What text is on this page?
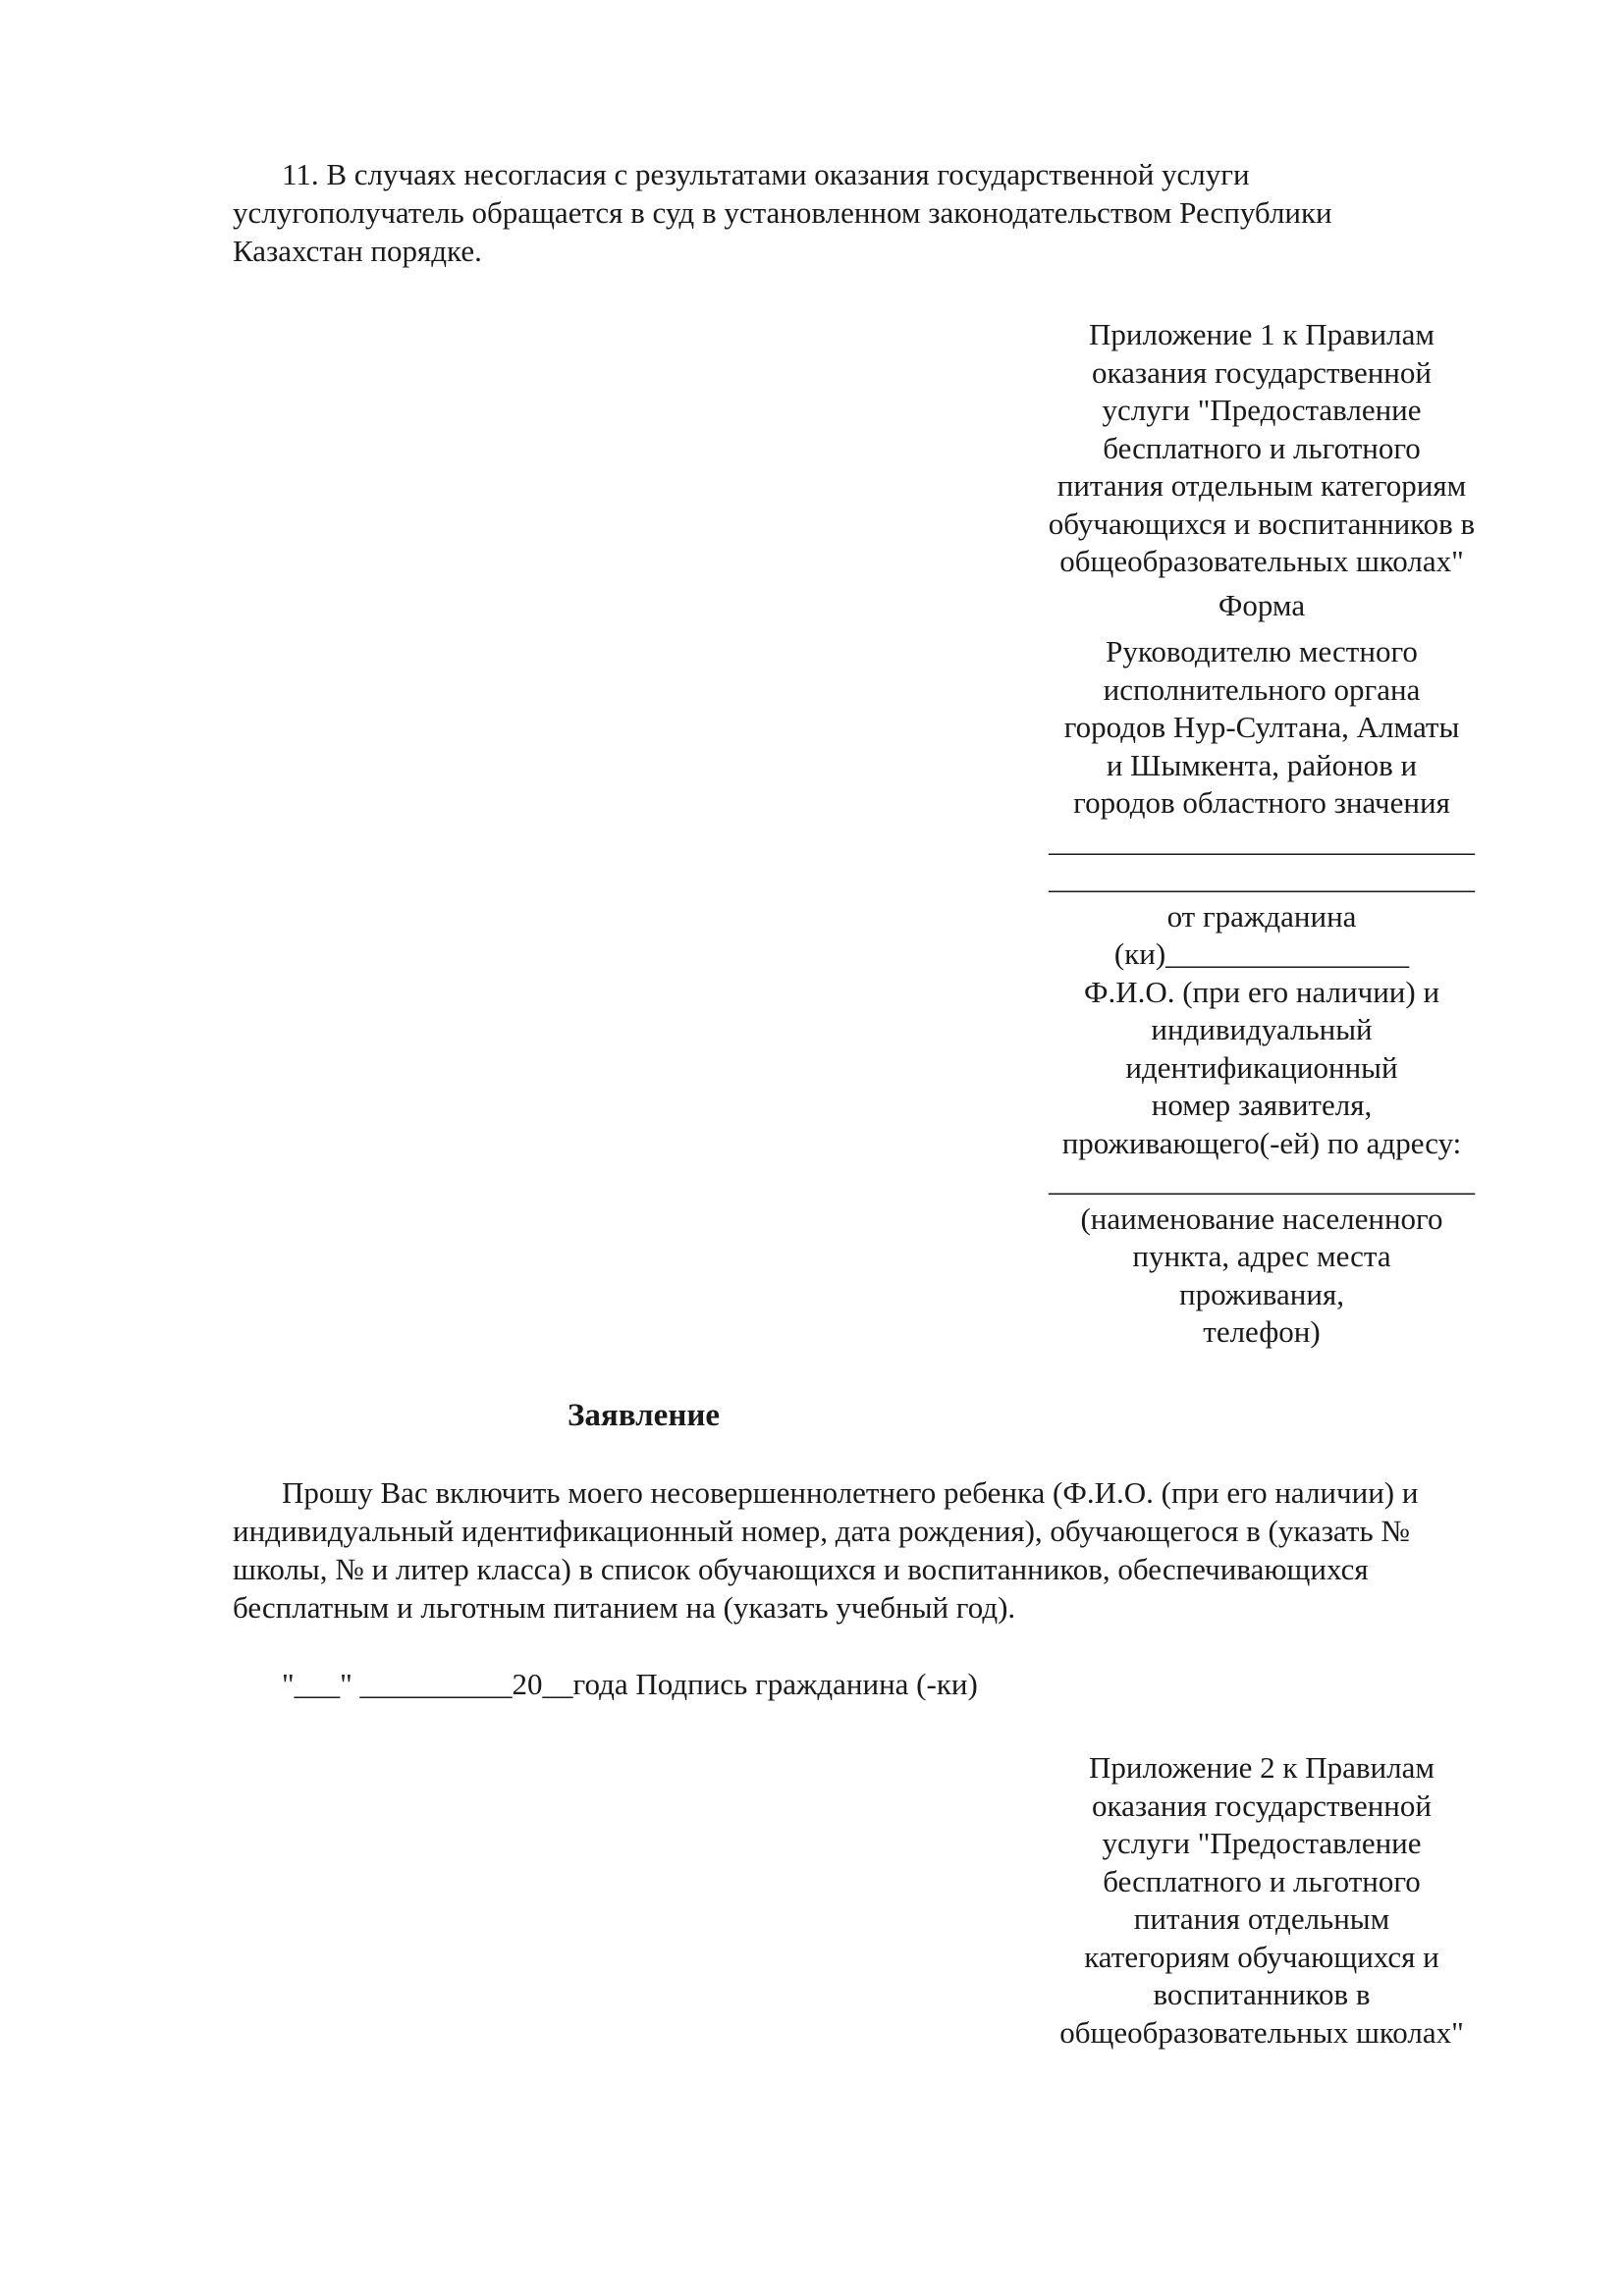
11. В случаях несогласия с результатами оказания государственной услуги
услугополучатель обращается в суд в установленном законодательством Республики
Казахстан порядке.
Приложение 1 к Правилам
оказания государственной
услуги "Предоставление
бесплатного и льготного
питания отдельным категориям
обучающихся и воспитанников в
общеобразовательных школах"
Форма
Руководителю местного
исполнительного органа
городов Нур-Султана, Алматы
и Шымкента, районов и
городов областного значения
____________________________
____________________________
от гражданина
(ки)________________
Ф.И.О. (при его наличии) и
индивидуальный
идентификационный
номер заявителя,
проживающего(-ей) по адресу:
____________________________
(наименование населенного
пункта, адрес места
проживания,
телефон)
Заявление
Прошу Вас включить моего несовершеннолетнего ребенка (Ф.И.О. (при его наличии) и
индивидуальный идентификационный номер, дата рождения), обучающегося в (указать №
школы, № и литер класса) в список обучающихся и воспитанников, обеспечивающихся
бесплатным и льготным питанием на (указать учебный год).
"___" __________20__года Подпись гражданина (-ки)
Приложение 2 к Правилам
оказания государственной
услуги "Предоставление
бесплатного и льготного
питания отдельным
категориям обучающихся и
воспитанников в
общеобразовательных школах"
